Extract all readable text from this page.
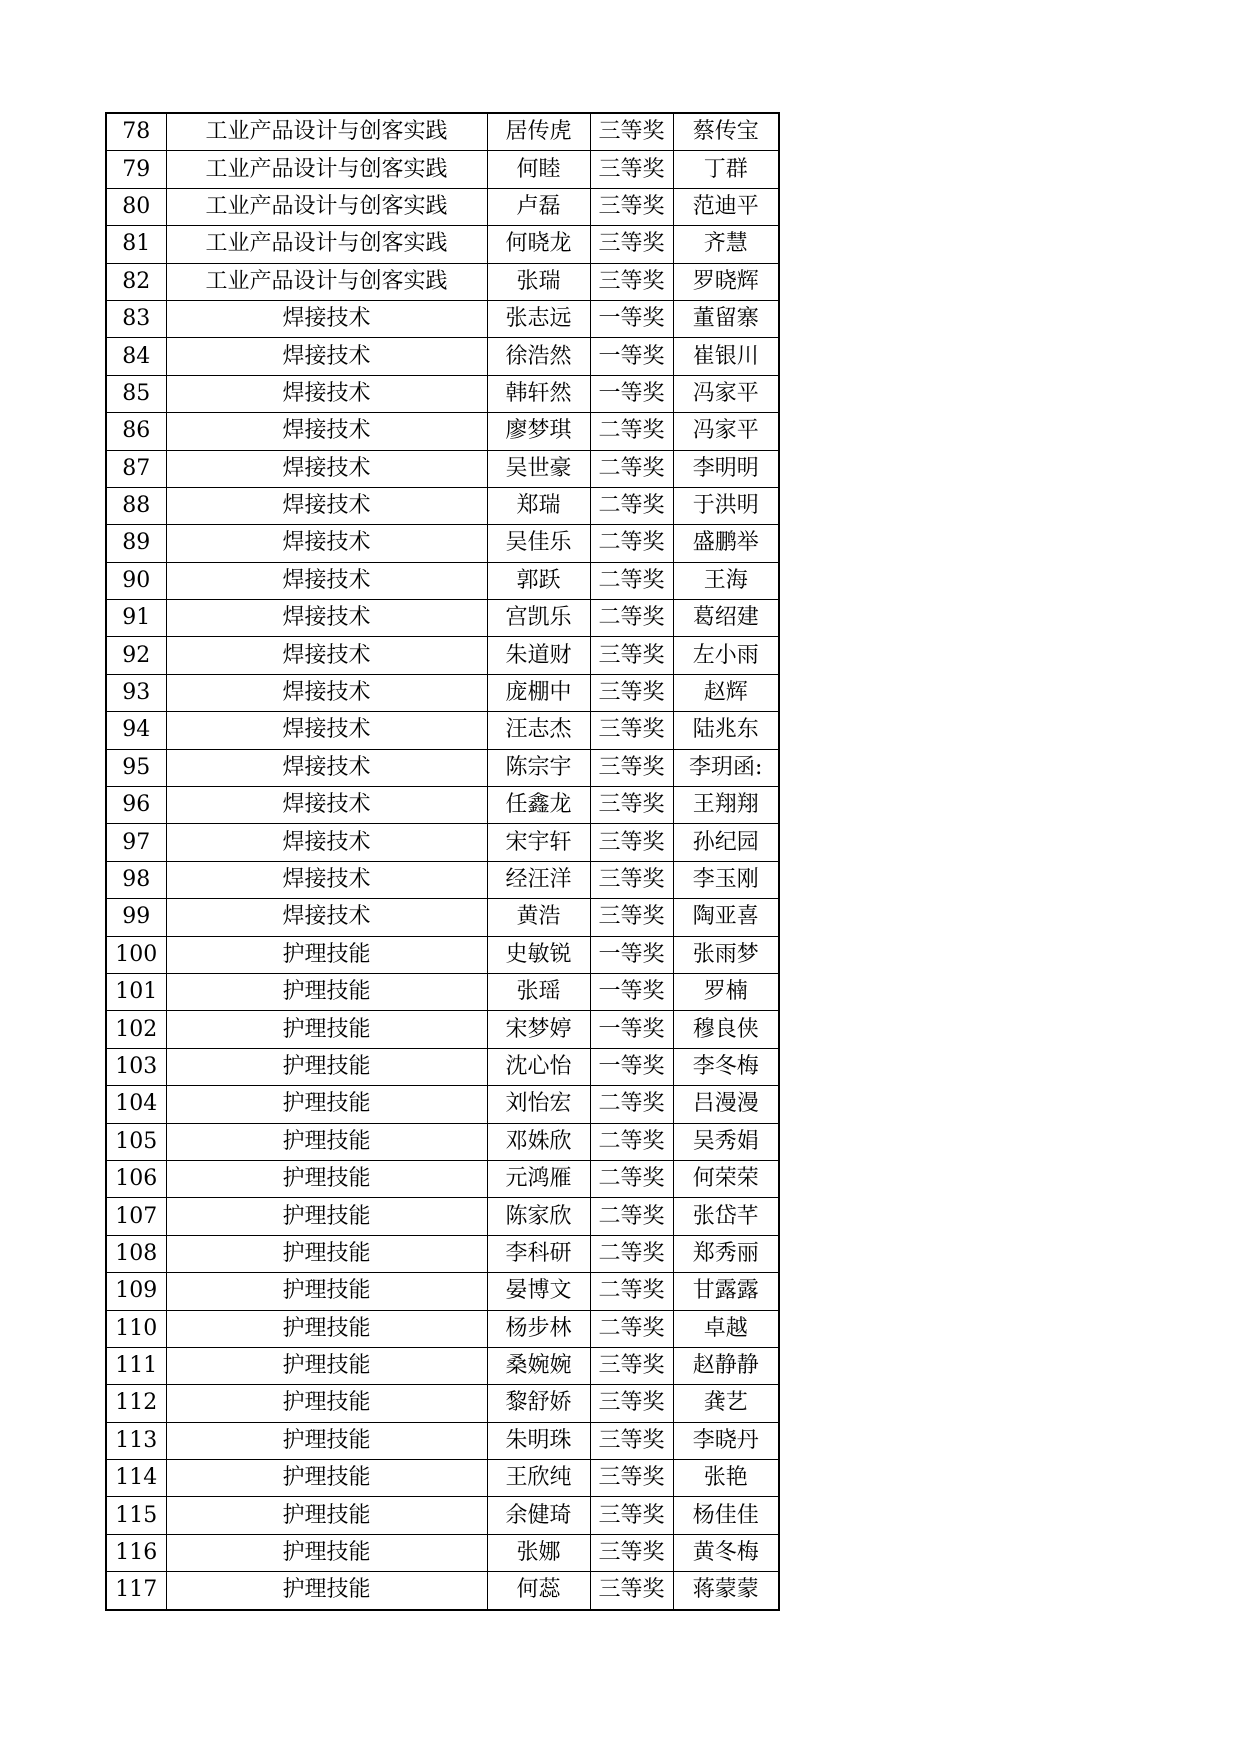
78	工业产品设计与创客实践	居传虎	三等奖	蔡传宝
79	工业产品设计与创客实践	何睦	三等奖	丁群
80	工业产品设计与创客实践	卢磊	三等奖	范迪平
81	工业产品设计与创客实践	何晓龙	三等奖	齐慧
82	工业产品设计与创客实践	张瑞	三等奖	罗晓辉
83	焊接技术	张志远	一等奖	董留寨
84	焊接技术	徐浩然	一等奖	崔银川
85	焊接技术	韩轩然	一等奖	冯家平
86	焊接技术	廖梦琪	二等奖	冯家平
87	焊接技术	吴世豪	二等奖	李明明
88	焊接技术	郑瑞	二等奖	于洪明
89	焊接技术	吴佳乐	二等奖	盛鹏举
90	焊接技术	郭跃	二等奖	王海
91	焊接技术	宫凯乐	二等奖	葛绍建
92	焊接技术	朱道财	三等奖	左小雨
93	焊接技术	庞棚中	三等奖	赵辉
94	焊接技术	汪志杰	三等奖	陆兆东
95	焊接技术	陈宗宇	三等奖	李玥函:
96	焊接技术	任鑫龙	三等奖	王翔翔
97	焊接技术	宋宇轩	三等奖	孙纪园
98	焊接技术	经汪洋	三等奖	李玉刚
99	焊接技术	黄浩	三等奖	陶亚喜
100	护理技能	史敏锐	一等奖	张雨梦
101	护理技能	张瑶	一等奖	罗楠
102	护理技能	宋梦婷	一等奖	穆良侠
103	护理技能	沈心怡	一等奖	李冬梅
104	护理技能	刘怡宏	二等奖	吕漫漫
105	护理技能	邓姝欣	二等奖	吴秀娟
106	护理技能	元鸿雁	二等奖	何荣荣
107	护理技能	陈家欣	二等奖	张岱芊
108	护理技能	李科研	二等奖	郑秀丽
109	护理技能	晏博文	二等奖	甘露露
110	护理技能	杨步林	二等奖	卓越
111	护理技能	桑婉婉	三等奖	赵静静
112	护理技能	黎舒娇	三等奖	龚艺
113	护理技能	朱明珠	三等奖	李晓丹
114	护理技能	王欣纯	三等奖	张艳
115	护理技能	余健琦	三等奖	杨佳佳
116	护理技能	张娜	三等奖	黄冬梅
117	护理技能	何蕊	三等奖	蒋蒙蒙
